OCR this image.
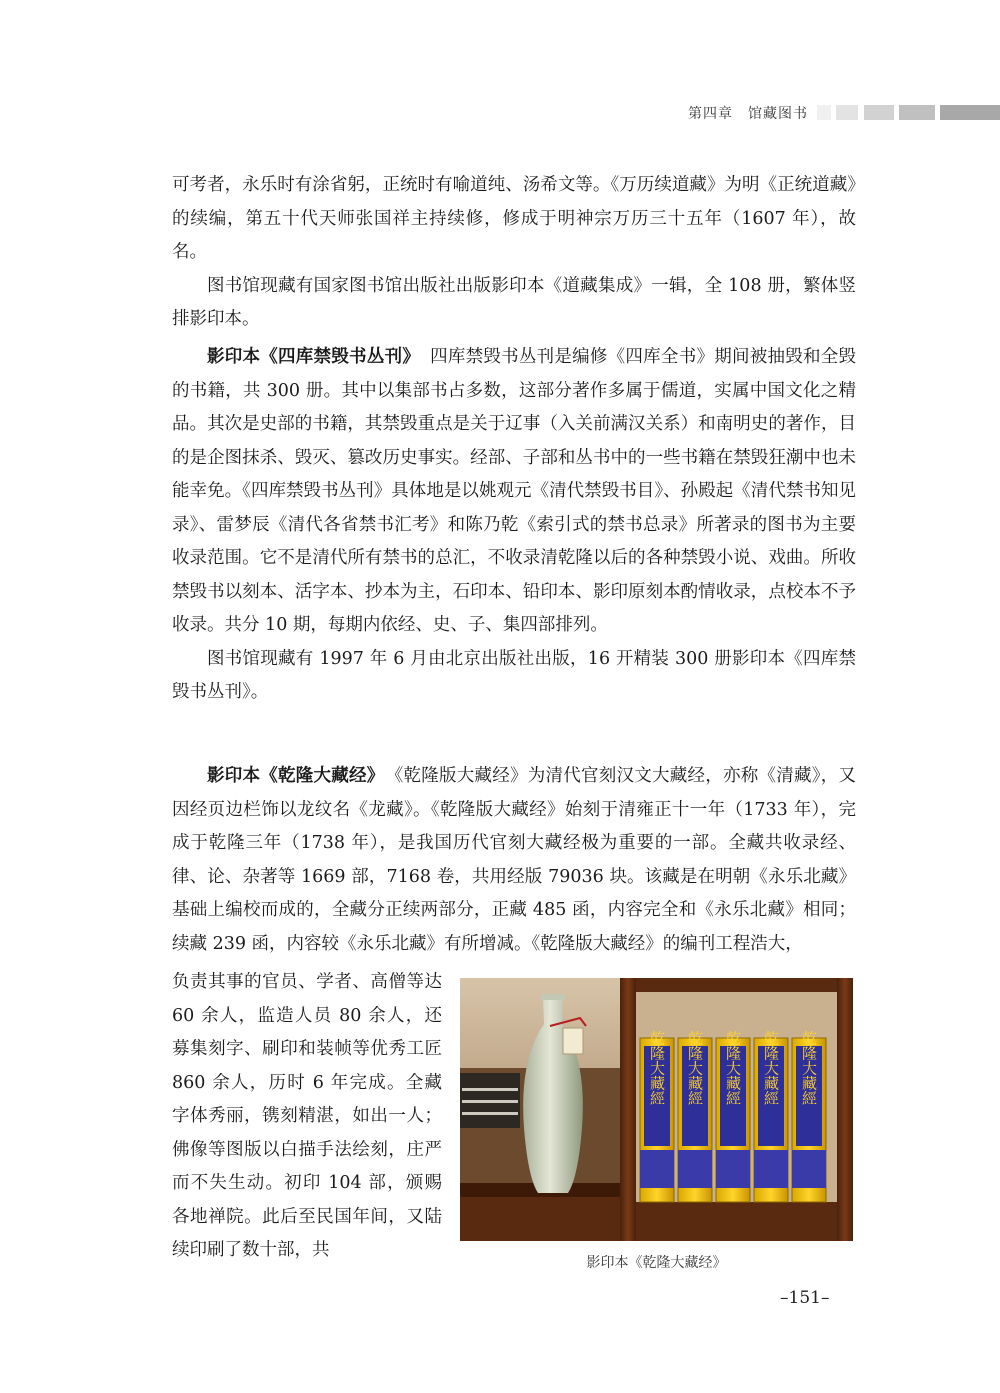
第四章　馆藏图书

可考者，永乐时有涂省躬，正统时有喻道纯、汤希文等。《万历续道藏》为明《正统道藏》的续编，第五十代天师张国祥主持续修，修成于明神宗万历三十五年（1607 年），故名。

图书馆现藏有国家图书馆出版社出版影印本《道藏集成》一辑，全 108 册，繁体竖排影印本。

影印本《四库禁毁书丛刊》 四库禁毁书丛刊是编修《四库全书》期间被抽毁和全毁的书籍，共 300 册。其中以集部书占多数，这部分著作多属于儒道，实属中国文化之精品。其次是史部的书籍，其禁毁重点是关于辽事（入关前满汉关系）和南明史的著作，目的是企图抹杀、毁灭、篡改历史事实。经部、子部和丛书中的一些书籍在禁毁狂潮中也未能幸免。《四库禁毁书丛刊》具体地是以姚观元《清代禁毁书目》、孙殿起《清代禁书知见录》、雷梦辰《清代各省禁书汇考》和陈乃乾《索引式的禁书总录》所著录的图书为主要收录范围。它不是清代所有禁书的总汇，不收录清乾隆以后的各种禁毁小说、戏曲。所收禁毁书以刻本、活字本、抄本为主，石印本、铅印本、影印原刻本酌情收录，点校本不予收录。共分 10 期，每期内依经、史、子、集四部排列。

图书馆现藏有 1997 年 6 月由北京出版社出版，16 开精装 300 册影印本《四库禁毁书丛刊》。

影印本《乾隆大藏经》 《乾隆版大藏经》为清代官刻汉文大藏经，亦称《清藏》，又因经页边栏饰以龙纹名《龙藏》。《乾隆版大藏经》始刻于清雍正十一年（1733 年），完成于乾隆三年（1738 年），是我国历代官刻大藏经极为重要的一部。全藏共收录经、律、论、杂著等 1669 部，7168 卷，共用经版 79036 块。该藏是在明朝《永乐北藏》基础上编校而成的，全藏分正续两部分，正藏 485 函，内容完全和《永乐北藏》相同；续藏 239 函，内容较《永乐北藏》有所增减。《乾隆版大藏经》的编刊工程浩大，

负责其事的官员、学者、高僧等达 60 余人，监造人员 80 余人，还募集刻字、刷印和装帧等优秀工匠 860 余人，历时 6 年完成。全藏字体秀丽，镌刻精湛，如出一人；佛像等图版以白描手法绘刻，庄严而不失生动。初印 104 部，颁赐各地禅院。此后至民国年间，又陆续印刷了数十部，共

乾隆大藏經 乾隆大藏經 乾隆大藏經 乾隆大藏經 乾隆大藏經
影印本《乾隆大藏经》
–151–
